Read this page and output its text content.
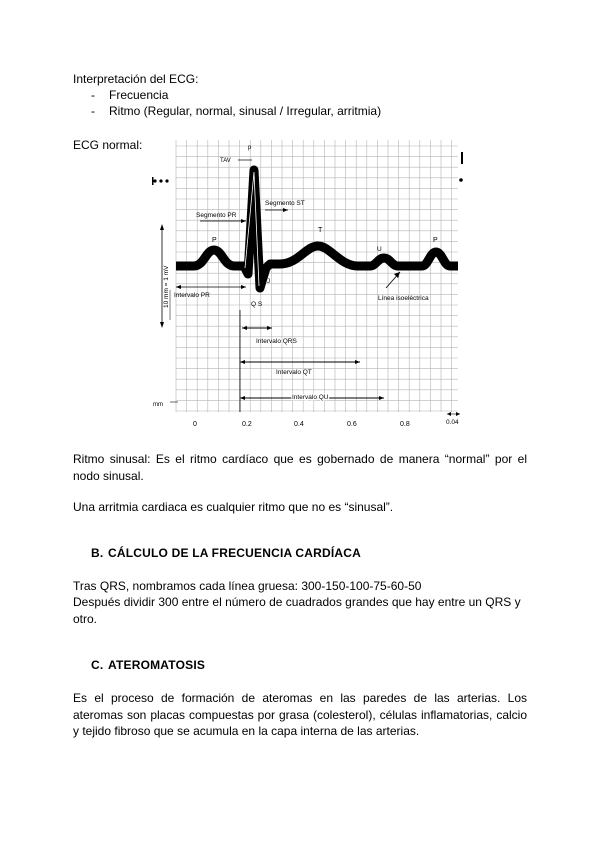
Interpretación del ECG:
- Frecuencia
- Ritmo (Regular, normal, sinusal / Irregular, arritmia)
ECG normal:
10 mm = 1 mV
Segmento PR
Segmento ST
p
TAV
P
T
U
P
J
Q S
Intervalo PR	Línea isoeléctrica
Intervalo QRS
Intervalo QT
Intervalo QU
mm
0	0.2	0.4	0.6	0.8	0.04
Ritmo sinusal: Es el ritmo cardíaco que es gobernado de manera “normal” por el nodo sinusal.
Una arritmia cardiaca es cualquier ritmo que no es “sinusal”.
B. CÁLCULO DE LA FRECUENCIA CARDÍACA
Tras QRS, nombramos cada línea gruesa: 300-150-100-75-60-50
Después dividir 300 entre el número de cuadrados grandes que hay entre un QRS y otro.
C. ATEROMATOSIS
Es el proceso de formación de ateromas en las paredes de las arterias. Los ateromas son placas compuestas por grasa (colesterol), células inflamatorias, calcio y tejido fibroso que se acumula en la capa interna de las arterias.
